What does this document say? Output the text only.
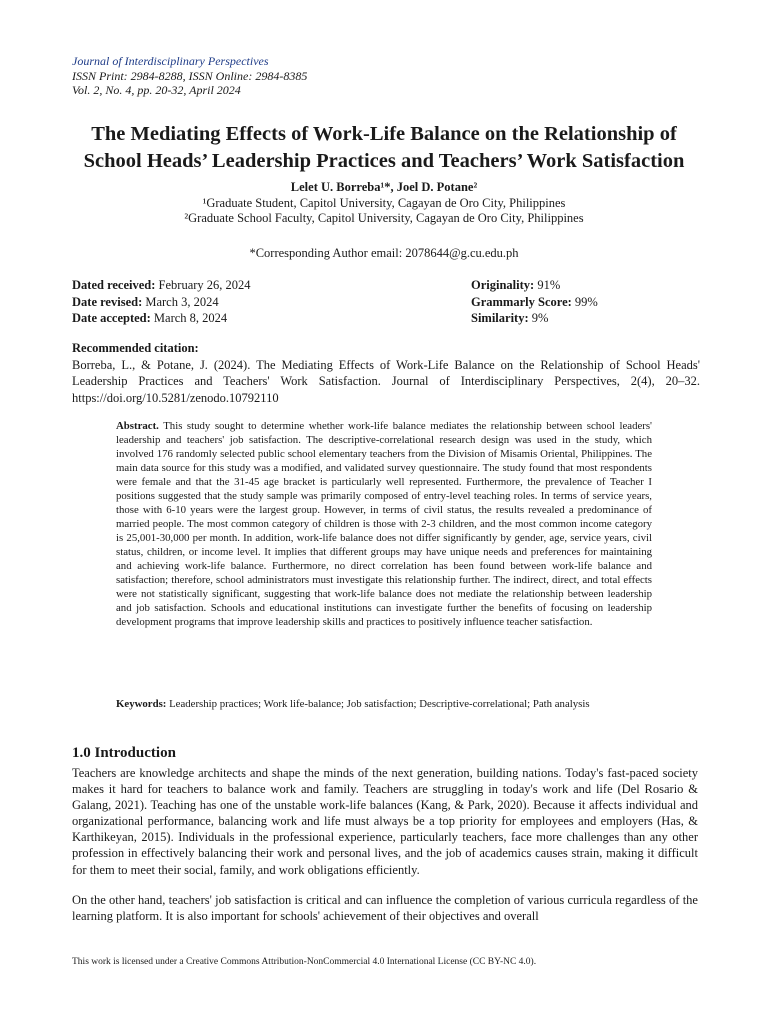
Journal of Interdisciplinary Perspectives
ISSN Print: 2984-8288, ISSN Online: 2984-8385
Vol. 2, No. 4, pp. 20-32, April 2024
The Mediating Effects of Work-Life Balance on the Relationship of
School Heads’ Leadership Practices and Teachers’ Work Satisfaction
Lelet U. Borreba¹*, Joel D. Potane²
¹Graduate Student, Capitol University, Cagayan de Oro City, Philippines
²Graduate School Faculty, Capitol University, Cagayan de Oro City, Philippines
*Corresponding Author email: 2078644@g.cu.edu.ph
Dated received: February 26, 2024
Date revised: March 3, 2024
Date accepted: March 8, 2024
Originality: 91%
Grammarly Score: 99%
Similarity: 9%
Recommended citation:
Borreba, L., & Potane, J. (2024). The Mediating Effects of Work-Life Balance on the Relationship of School Heads' Leadership Practices and Teachers' Work Satisfaction. Journal of Interdisciplinary Perspectives, 2(4), 20–32. https://doi.org/10.5281/zenodo.10792110
Abstract. This study sought to determine whether work-life balance mediates the relationship between school leaders' leadership and teachers' job satisfaction. The descriptive-correlational research design was used in the study, which involved 176 randomly selected public school elementary teachers from the Division of Misamis Oriental, Philippines. The main data source for this study was a modified, and validated survey questionnaire. The study found that most respondents were female and that the 31-45 age bracket is particularly well represented. Furthermore, the prevalence of Teacher I positions suggested that the study sample was primarily composed of entry-level teaching roles. In terms of service years, those with 6-10 years were the largest group. However, in terms of civil status, the results revealed a predominance of married people. The most common category of children is those with 2-3 children, and the most common income category is 25,001-30,000 per month. In addition, work-life balance does not differ significantly by gender, age, service years, civil status, children, or income level. It implies that different groups may have unique needs and preferences for maintaining and achieving work-life balance. Furthermore, no direct correlation has been found between work-life balance and satisfaction; therefore, school administrators must investigate this relationship further. The indirect, direct, and total effects were not statistically significant, suggesting that work-life balance does not mediate the relationship between leadership and job satisfaction. Schools and educational institutions can investigate further the benefits of focusing on leadership development programs that improve leadership skills and practices to positively influence teacher satisfaction.
Keywords: Leadership practices; Work life-balance; Job satisfaction; Descriptive-correlational; Path analysis
1.0 Introduction

Teachers are knowledge architects and shape the minds of the next generation, building nations. Today's fast-paced society makes it hard for teachers to balance work and family. Teachers are struggling in today's work and life (Del Rosario & Galang, 2021). Teaching has one of the unstable work-life balances (Kang, & Park, 2020). Because it affects individual and organizational performance, balancing work and life must always be a top priority for employees and employers (Has, & Karthikeyan, 2015). Individuals in the professional experience, particularly teachers, face more challenges than any other profession in effectively balancing their work and personal lives, and the job of academics causes strain, making it difficult for them to meet their social, family, and work obligations efficiently.

On the other hand, teachers' job satisfaction is critical and can influence the completion of various curricula regardless of the learning platform. It is also important for schools' achievement of their objectives and overall

This work is licensed under a Creative Commons Attribution-NonCommercial 4.0 International License (CC BY-NC 4.0).
